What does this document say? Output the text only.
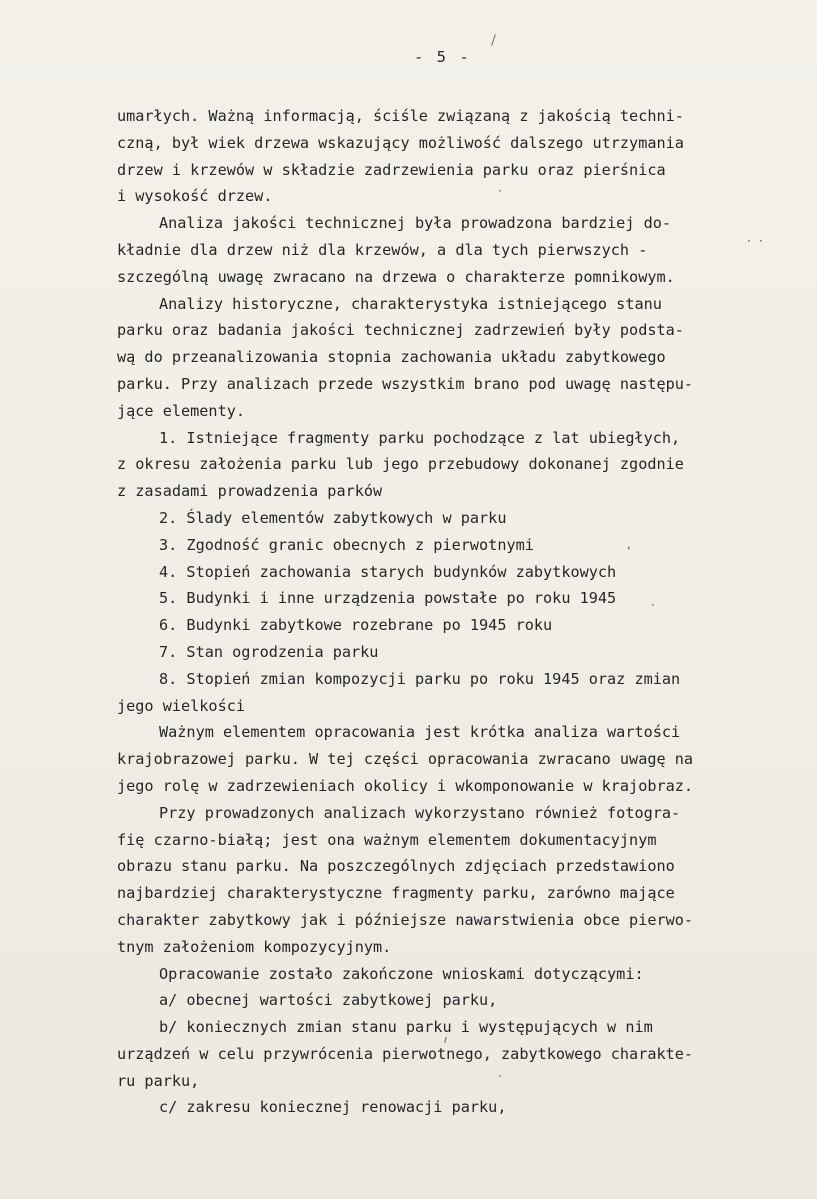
- 5 -
umarłych. Ważną informacją, ściśle związaną z jakością techni-
czną, był wiek drzewa wskazujący możliwość dalszego utrzymania
drzew i krzewów w składzie zadrzewienia parku oraz pierśnica
i wysokość drzew.
Analiza jakości technicznej była prowadzona bardziej do-
kładnie dla drzew niż dla krzewów, a dla tych pierwszych -
szczególną uwagę zwracano na drzewa o charakterze pomnikowym.
Analizy historyczne, charakterystyka istniejącego stanu
parku oraz badania jakości technicznej zadrzewień były podsta-
wą do przeanalizowania stopnia zachowania układu zabytkowego
parku. Przy analizach przede wszystkim brano pod uwagę następu-
jące elementy.
1. Istniejące fragmenty parku pochodzące z lat ubiegłych,
z okresu założenia parku lub jego przebudowy dokonanej zgodnie
z zasadami prowadzenia parków
2. Ślady elementów zabytkowych w parku
3. Zgodność granic obecnych z pierwotnymi
4. Stopień zachowania starych budynków zabytkowych
5. Budynki i inne urządzenia powstałe po roku 1945
6. Budynki zabytkowe rozebrane po 1945 roku
7. Stan ogrodzenia parku
8. Stopień zmian kompozycji parku po roku 1945 oraz zmian
jego wielkości
Ważnym elementem opracowania jest krótka analiza wartości
krajobrazowej parku. W tej części opracowania zwracano uwagę na
jego rolę w zadrzewieniach okolicy i wkomponowanie w krajobraz.
Przy prowadzonych analizach wykorzystano również fotogra-
fię czarno-białą; jest ona ważnym elementem dokumentacyjnym
obrazu stanu parku. Na poszczególnych zdjęciach przedstawiono
najbardziej charakterystyczne fragmenty parku, zarówno mające
charakter zabytkowy jak i późniejsze nawarstwienia obce pierwo-
tnym założeniom kompozycyjnym.
Opracowanie zostało zakończone wnioskami dotyczącymi:
a/ obecnej wartości zabytkowej parku,
b/ koniecznych zmian stanu parku i występujących w nim
urządzeń w celu przywrócenia pierwotnego, zabytkowego charakte-
ru parku,
c/ zakresu koniecznej renowacji parku,
·
· ·
,
·
·
